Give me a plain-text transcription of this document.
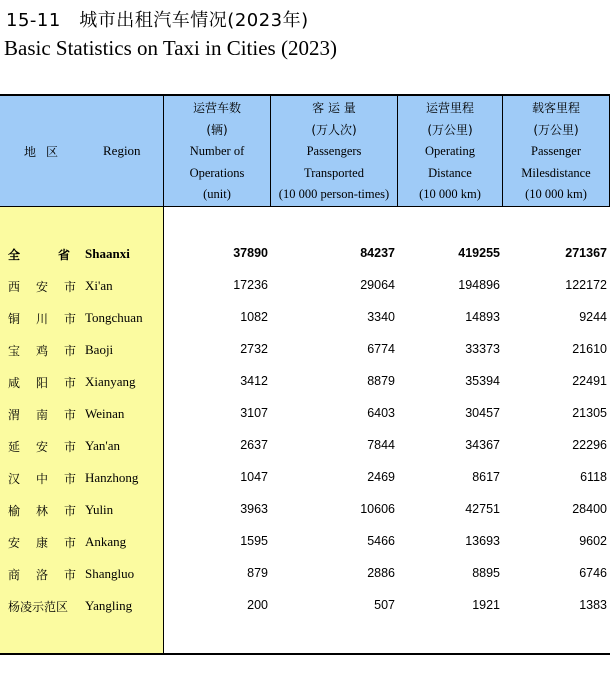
15-11　城市出租汽车情况(2023年)
Basic Statistics on Taxi in Cities (2023)
地区	Region
运营车数
(辆)
Number of
Operations
(unit)
客 运 量
(万人次)
Passengers
Transported
(10 000 person-times)
运营里程
(万公里)
Operating
Distance
(10 000 km)
载客里程
(万公里)
Passenger
Milesdistance
(10 000 km)
全	省 Shaanxi	37890	84237	419255	271367
西 安 市 Xi'an	17236	29064	194896	122172
铜 川 市 Tongchuan	1082	3340	14893	9244
宝 鸡 市 Baoji	2732	6774	33373	21610
咸 阳 市 Xianyang	3412	8879	35394	22491
渭 南 市 Weinan	3107	6403	30457	21305
延 安 市 Yan'an	2637	7844	34367	22296
汉 中 市 Hanzhong	1047	2469	8617	6118
榆 林 市 Yulin	3963	10606	42751	28400
安 康 市 Ankang	1595	5466	13693	9602
商 洛 市 Shangluo	879	2886	8895	6746
杨凌示范区 Yangling	200	507	1921	1383
